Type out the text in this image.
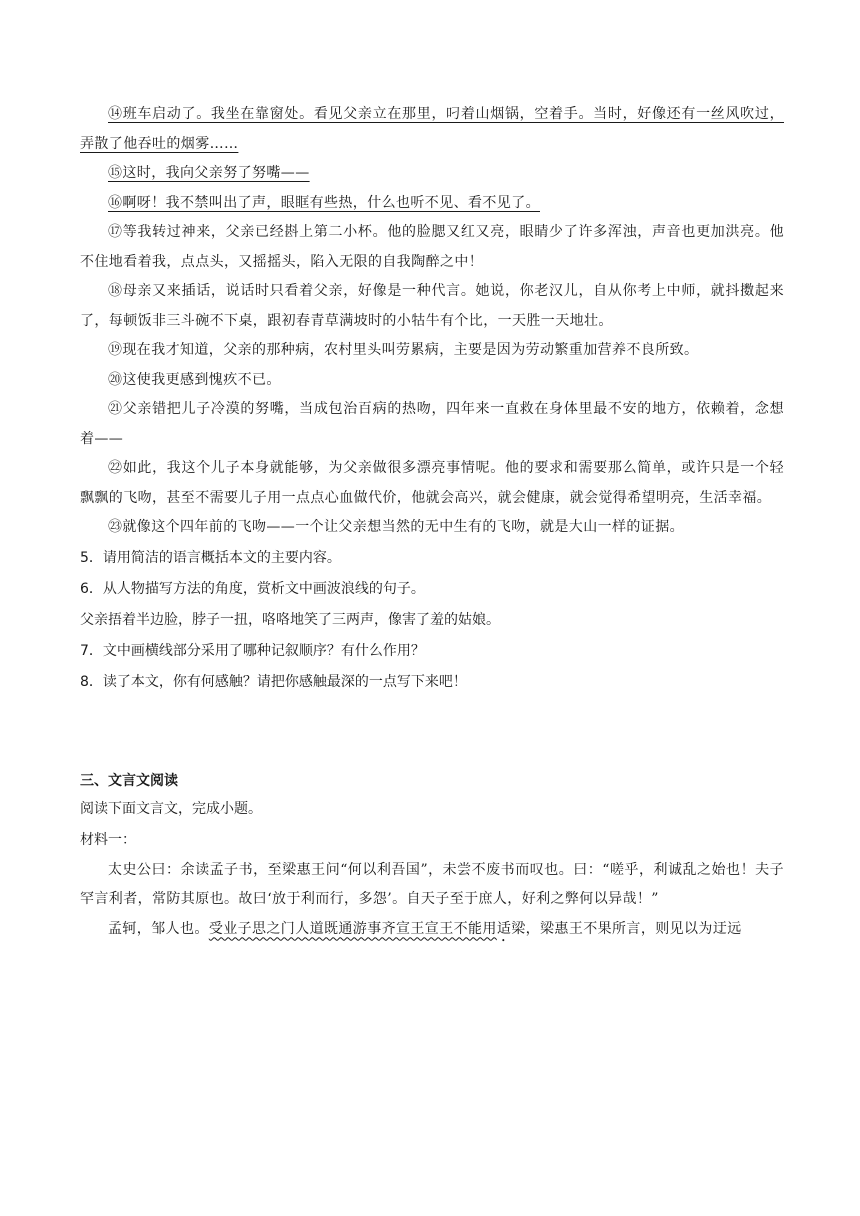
⑭班车启动了。我坐在靠窗处。看见父亲立在那里，叼着山烟锅，空着手。当时，好像还有一丝风吹过，弄散了他吞吐的烟雾……

⑮这时，我向父亲努了努嘴——

⑯啊呀！我不禁叫出了声，眼眶有些热，什么也听不见、看不见了。

⑰等我转过神来，父亲已经斟上第二小杯。他的脸腮又红又亮，眼睛少了许多浑浊，声音也更加洪亮。他不住地看着我，点点头，又摇摇头，陷入无限的自我陶醉之中！

⑱母亲又来插话，说话时只看着父亲，好像是一种代言。她说，你老汉儿，自从你考上中师，就抖擞起来了，每顿饭非三斗碗不下桌，跟初春青草满坡时的小牯牛有个比，一天胜一天地壮。

⑲现在我才知道，父亲的那种病，农村里头叫劳累病，主要是因为劳动繁重加营养不良所致。

⑳这使我更感到愧疚不已。

㉑父亲错把儿子冷漠的努嘴，当成包治百病的热吻，四年来一直救在身体里最不安的地方，依赖着，念想着——

㉒如此，我这个儿子本身就能够，为父亲做很多漂亮事情呢。他的要求和需要那么简单，或许只是一个轻飘飘的飞吻，甚至不需要儿子用一点点心血做代价，他就会高兴，就会健康，就会觉得希望明亮，生活幸福。

㉓就像这个四年前的飞吻——一个让父亲想当然的无中生有的飞吻，就是大山一样的证据。

5．请用简洁的语言概括本文的主要内容。

6．从人物描写方法的角度，赏析文中画波浪线的句子。

父亲捂着半边脸，脖子一扭，咯咯地笑了三两声，像害了羞的姑娘。

7．文中画横线部分采用了哪种记叙顺序？有什么作用？

8．读了本文，你有何感触？请把你感触最深的一点写下来吧！

三、文言文阅读

阅读下面文言文，完成小题。

材料一：

太史公曰：余读孟子书，至梁惠王问“何以利吾国”，未尝不废书而叹也。曰：“嗟乎，利诚乱之始也！夫子罕言利者，常防其原也。故曰‘放于利而行，多怨’。自天子至于庶人，好利之弊何以异哉！”

孟轲，邹人也。受业子思之门人道既通游事齐宣王宣王不能用适梁，梁惠王不果所言，则见以为迂远
